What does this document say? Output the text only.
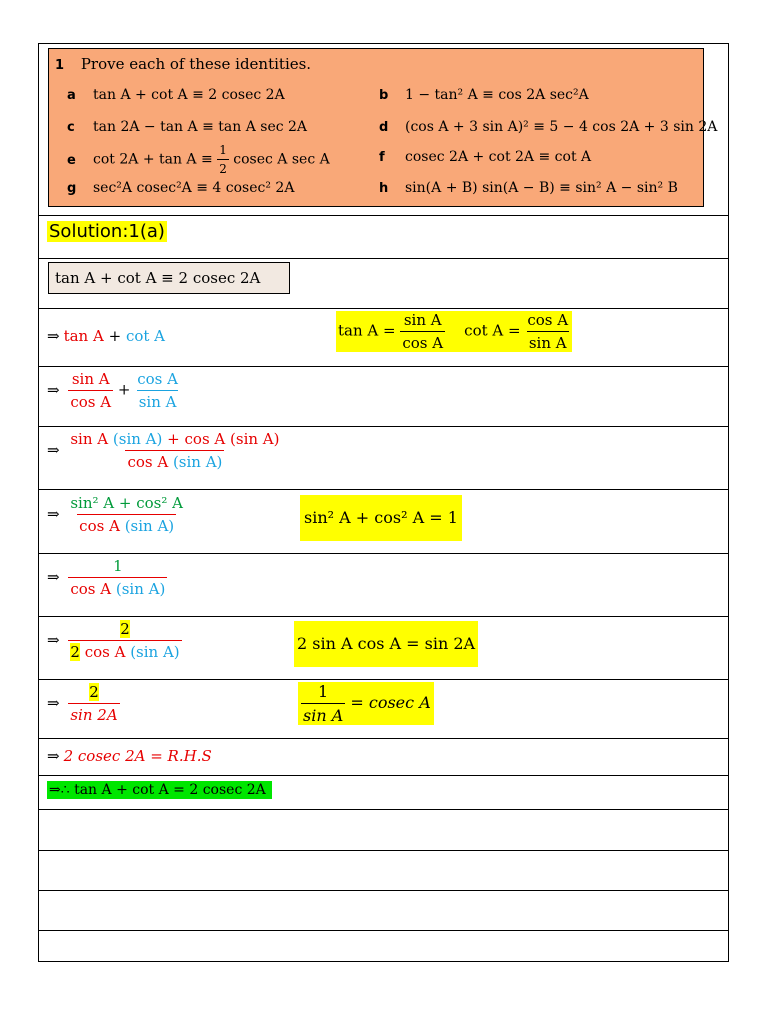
1 Prove each of these identities.
a tan A + cot A ≡ 2 cosec 2A	b 1 − tan² A ≡ cos 2A sec²A
c tan 2A − tan A ≡ tan A sec 2A	d (cos A + 3 sin A)² ≡ 5 − 4 cos 2A + 3 sin 2A
e $\cot 2A + \tan A \equiv \frac{1}{2}$ cosec A sec A	f cosec 2A + cot 2A ≡ cot A
g sec²A cosec²A ≡ 4 cosec² 2A	h sin(A + B) sin(A − B) ≡ sin² A − sin² B
Solution:1(a)
tan A + cot A ≡ 2 cosec 2A
⇒ tan A + cot A	$\tan A = \frac{\text{sin A}}{\text{cos A}}$ $\cot A = \frac{\text{cos A}}{\text{sin A}}$
⇒ $\frac{\text{sin A}}{\text{cos A}} + \frac{\text{cos A}}{\text{sin A}}$
⇒ $\frac{\text{sin A (sin A) + cos A (sin A)}}{\text{cos A (sin A)}}$
⇒ $\frac{\text{sin² A + cos² A}}{\text{cos A (sin A)}}$	sin² A + cos² A = 1
⇒ $\frac{1}{\text{cos A (sin A)}}$
⇒ $\frac{2}{\text{2 cos A (sin A)}}$	2 sin A cos A = sin 2A
⇒ $\frac{2}{\sin 2A}$	$\frac{1}{\text{sin A}} = cosec$ A
⇒ 2 cosec 2A = R.H.S
⇒∴ tan A + cot A = 2 cosec 2A
